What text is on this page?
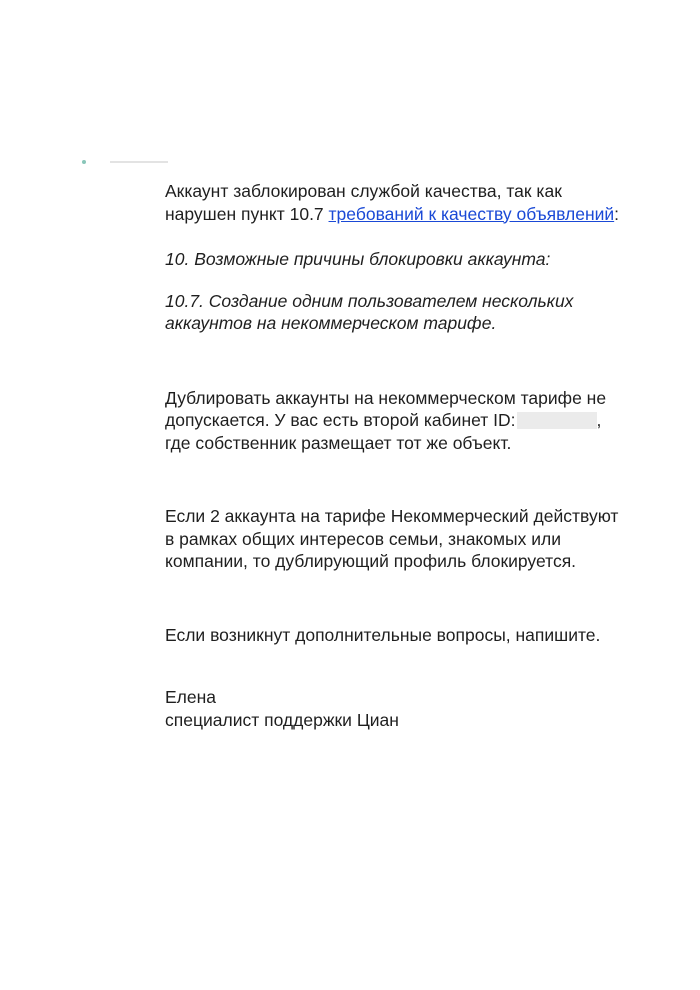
Аккаунт заблокирован службой качества, так как нарушен пункт 10.7 требований к качеству объявлений:

10. Возможные причины блокировки аккаунта:

10.7. Создание одним пользователем нескольких аккаунтов на некоммерческом тарифе.

Дублировать аккаунты на некоммерческом тарифе не допускается. У вас есть второй кабинет ID:	, где собственник размещает тот же объект.

Если 2 аккаунта на тарифе Некоммерческий действуют в рамках общих интересов семьи, знакомых или компании, то дублирующий профиль блокируется.

Если возникнут дополнительные вопросы, напишите.

Елена

специалист поддержки Циан
